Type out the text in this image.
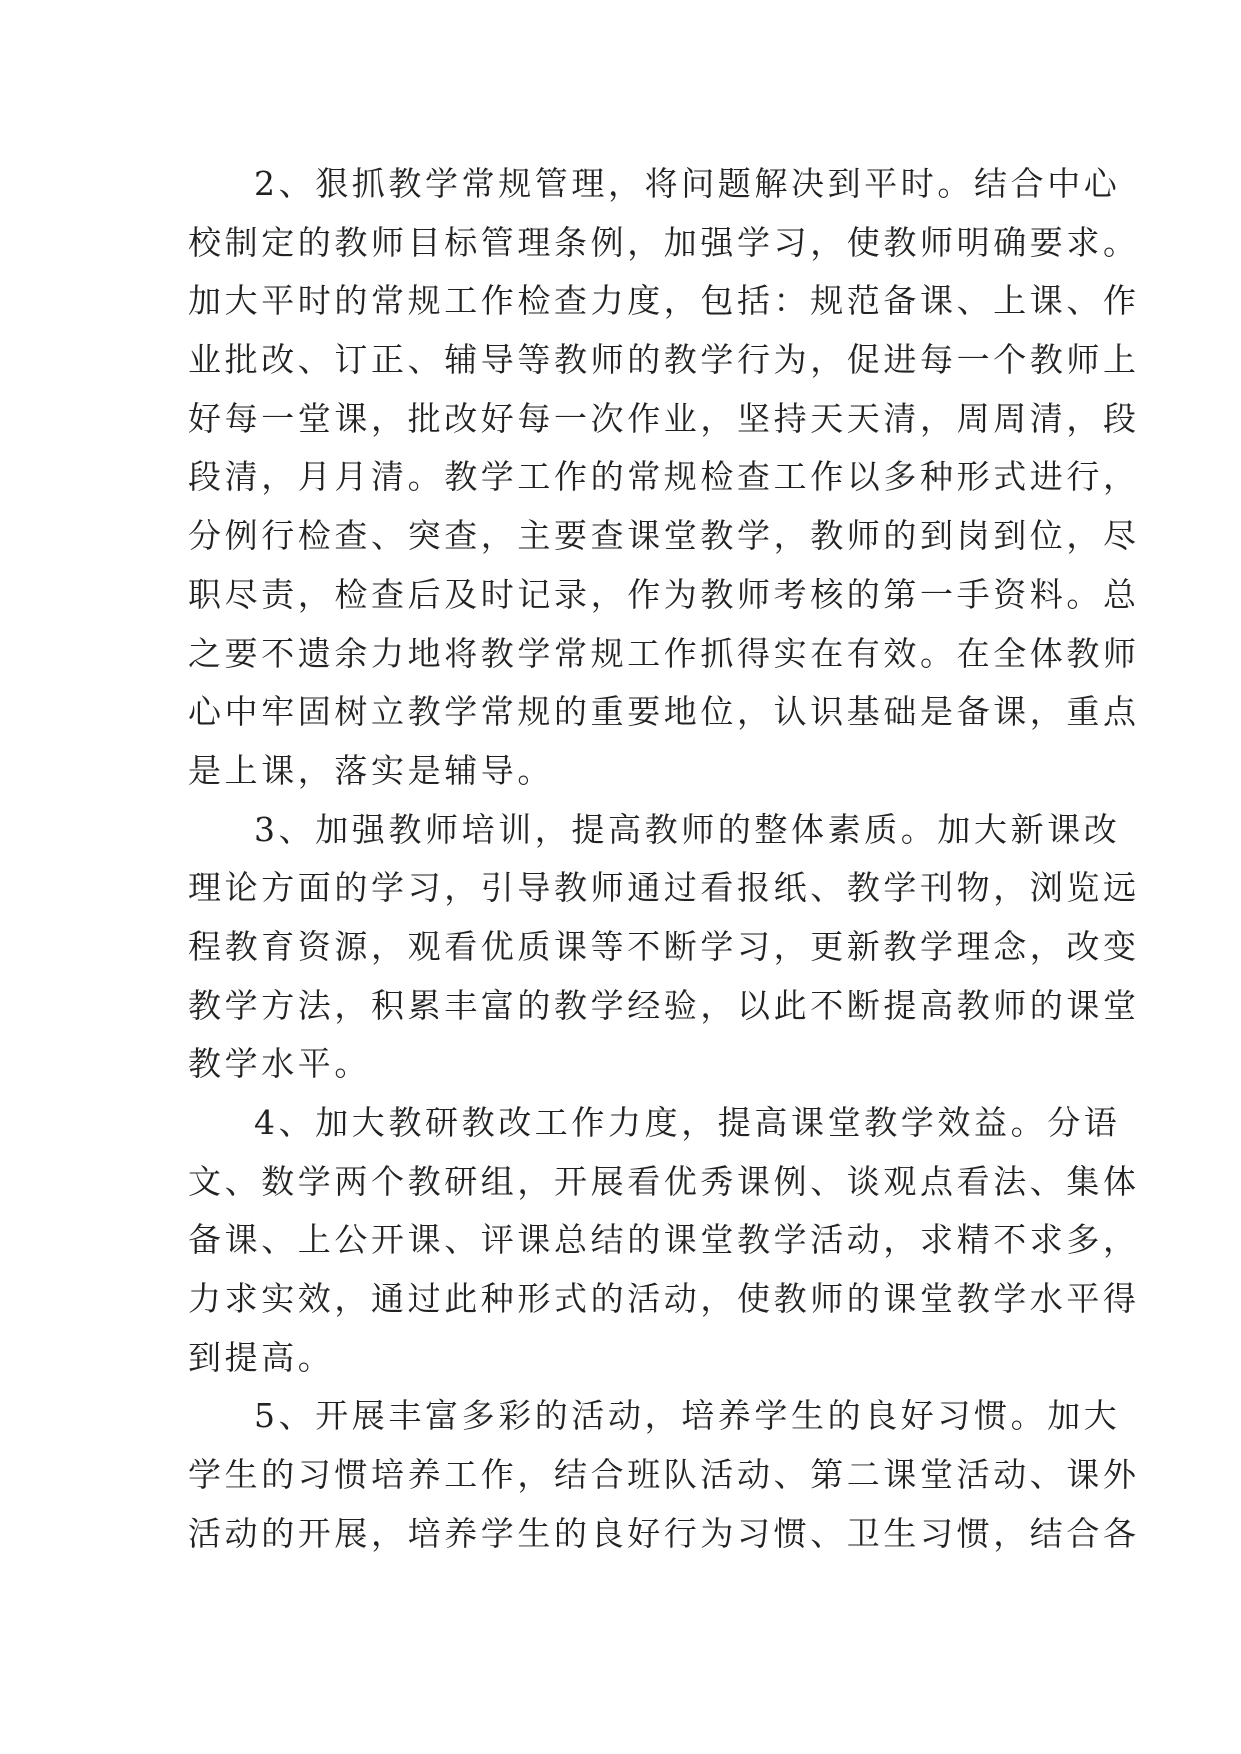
2、狠抓教学常规管理，将问题解决到平时。结合中心
校制定的教师目标管理条例，加强学习，使教师明确要求。
加大平时的常规工作检查力度，包括：规范备课、上课、作
业批改、订正、辅导等教师的教学行为，促进每一个教师上
好每一堂课，批改好每一次作业，坚持天天清，周周清，段
段清，月月清。教学工作的常规检查工作以多种形式进行，
分例行检查、突查，主要查课堂教学，教师的到岗到位，尽
职尽责，检查后及时记录，作为教师考核的第一手资料。总
之要不遗余力地将教学常规工作抓得实在有效。在全体教师
心中牢固树立教学常规的重要地位，认识基础是备课，重点
是上课，落实是辅导。
3、加强教师培训，提高教师的整体素质。加大新课改
理论方面的学习，引导教师通过看报纸、教学刊物，浏览远
程教育资源，观看优质课等不断学习，更新教学理念，改变
教学方法，积累丰富的教学经验，以此不断提高教师的课堂
教学水平。
4、加大教研教改工作力度，提高课堂教学效益。分语
文、数学两个教研组，开展看优秀课例、谈观点看法、集体
备课、上公开课、评课总结的课堂教学活动，求精不求多，
力求实效，通过此种形式的活动，使教师的课堂教学水平得
到提高。
5、开展丰富多彩的活动，培养学生的良好习惯。加大
学生的习惯培养工作，结合班队活动、第二课堂活动、课外
活动的开展，培养学生的良好行为习惯、卫生习惯，结合各
